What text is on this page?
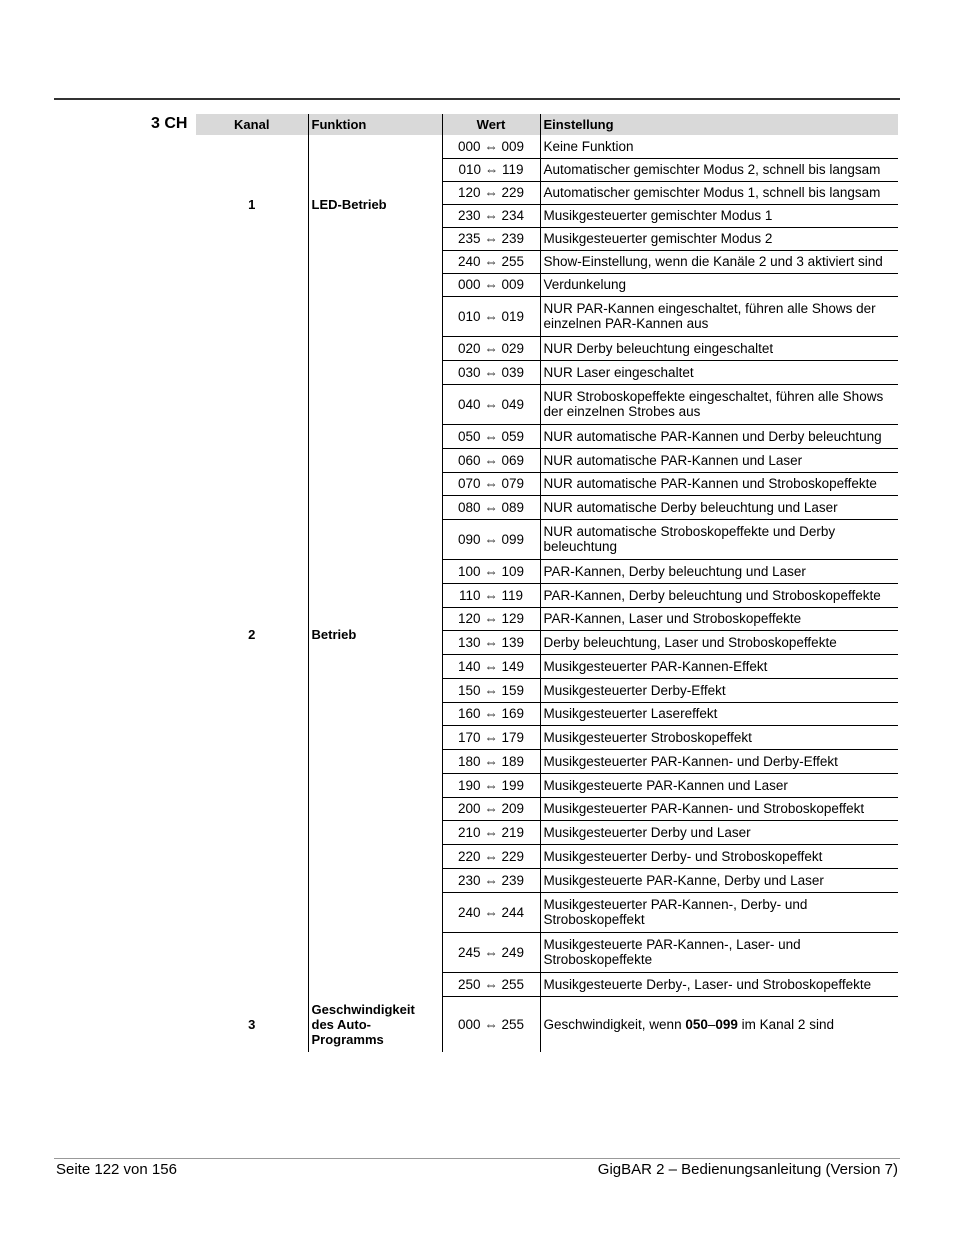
3 CH	Kanal	Funktion	Wert	Einstellung
1	LED-Betrieb	000 ⇔ 009	Keine Funktion
		010 ⇔ 119	Automatischer gemischter Modus 2, schnell bis langsam
		120 ⇔ 229	Automatischer gemischter Modus 1, schnell bis langsam
		230 ⇔ 234	Musikgesteuerter gemischter Modus 1
		235 ⇔ 239	Musikgesteuerter gemischter Modus 2
		240 ⇔ 255	Show-Einstellung, wenn die Kanäle 2 und 3 aktiviert sind
2	Betrieb	000 ⇔ 009	Verdunkelung
		010 ⇔ 019	NUR PAR-Kannen eingeschaltet, führen alle Shows der einzelnen PAR-Kannen aus
		020 ⇔ 029	NUR Derby beleuchtung eingeschaltet
		030 ⇔ 039	NUR Laser eingeschaltet
		040 ⇔ 049	NUR Stroboskopeffekte eingeschaltet, führen alle Shows der einzelnen Strobes aus
		050 ⇔ 059	NUR automatische PAR-Kannen und Derby beleuchtung
		060 ⇔ 069	NUR automatische PAR-Kannen und Laser
		070 ⇔ 079	NUR automatische PAR-Kannen und Stroboskopeffekte
		080 ⇔ 089	NUR automatische Derby beleuchtung und Laser
		090 ⇔ 099	NUR automatische Stroboskopeffekte und Derby beleuchtung
		100 ⇔ 109	PAR-Kannen, Derby beleuchtung und Laser
		110 ⇔ 119	PAR-Kannen, Derby beleuchtung und Stroboskopeffekte
		120 ⇔ 129	PAR-Kannen, Laser und Stroboskopeffekte
		130 ⇔ 139	Derby beleuchtung, Laser und Stroboskopeffekte
		140 ⇔ 149	Musikgesteuerter PAR-Kannen-Effekt
		150 ⇔ 159	Musikgesteuerter Derby-Effekt
		160 ⇔ 169	Musikgesteuerter Lasereffekt
		170 ⇔ 179	Musikgesteuerter Stroboskopeffekt
		180 ⇔ 189	Musikgesteuerter PAR-Kannen- und Derby-Effekt
		190 ⇔ 199	Musikgesteuerte PAR-Kannen und Laser
		200 ⇔ 209	Musikgesteuerter PAR-Kannen- und Stroboskopeffekt
		210 ⇔ 219	Musikgesteuerter Derby und Laser
		220 ⇔ 229	Musikgesteuerter Derby- und Stroboskopeffekt
		230 ⇔ 239	Musikgesteuerte PAR-Kanne, Derby und Laser
		240 ⇔ 244	Musikgesteuerter PAR-Kannen-, Derby- und Stroboskopeffekt
		245 ⇔ 249	Musikgesteuerte PAR-Kannen-, Laser- und Stroboskopeffekte
		250 ⇔ 255	Musikgesteuerte Derby-, Laser- und Stroboskopeffekte
3	Geschwindigkeit des Auto-Programms	000 ⇔ 255	Geschwindigkeit, wenn 050–099 im Kanal 2 sind
Seite 122 von 156	GigBAR 2 – Bedienungsanleitung (Version 7)
